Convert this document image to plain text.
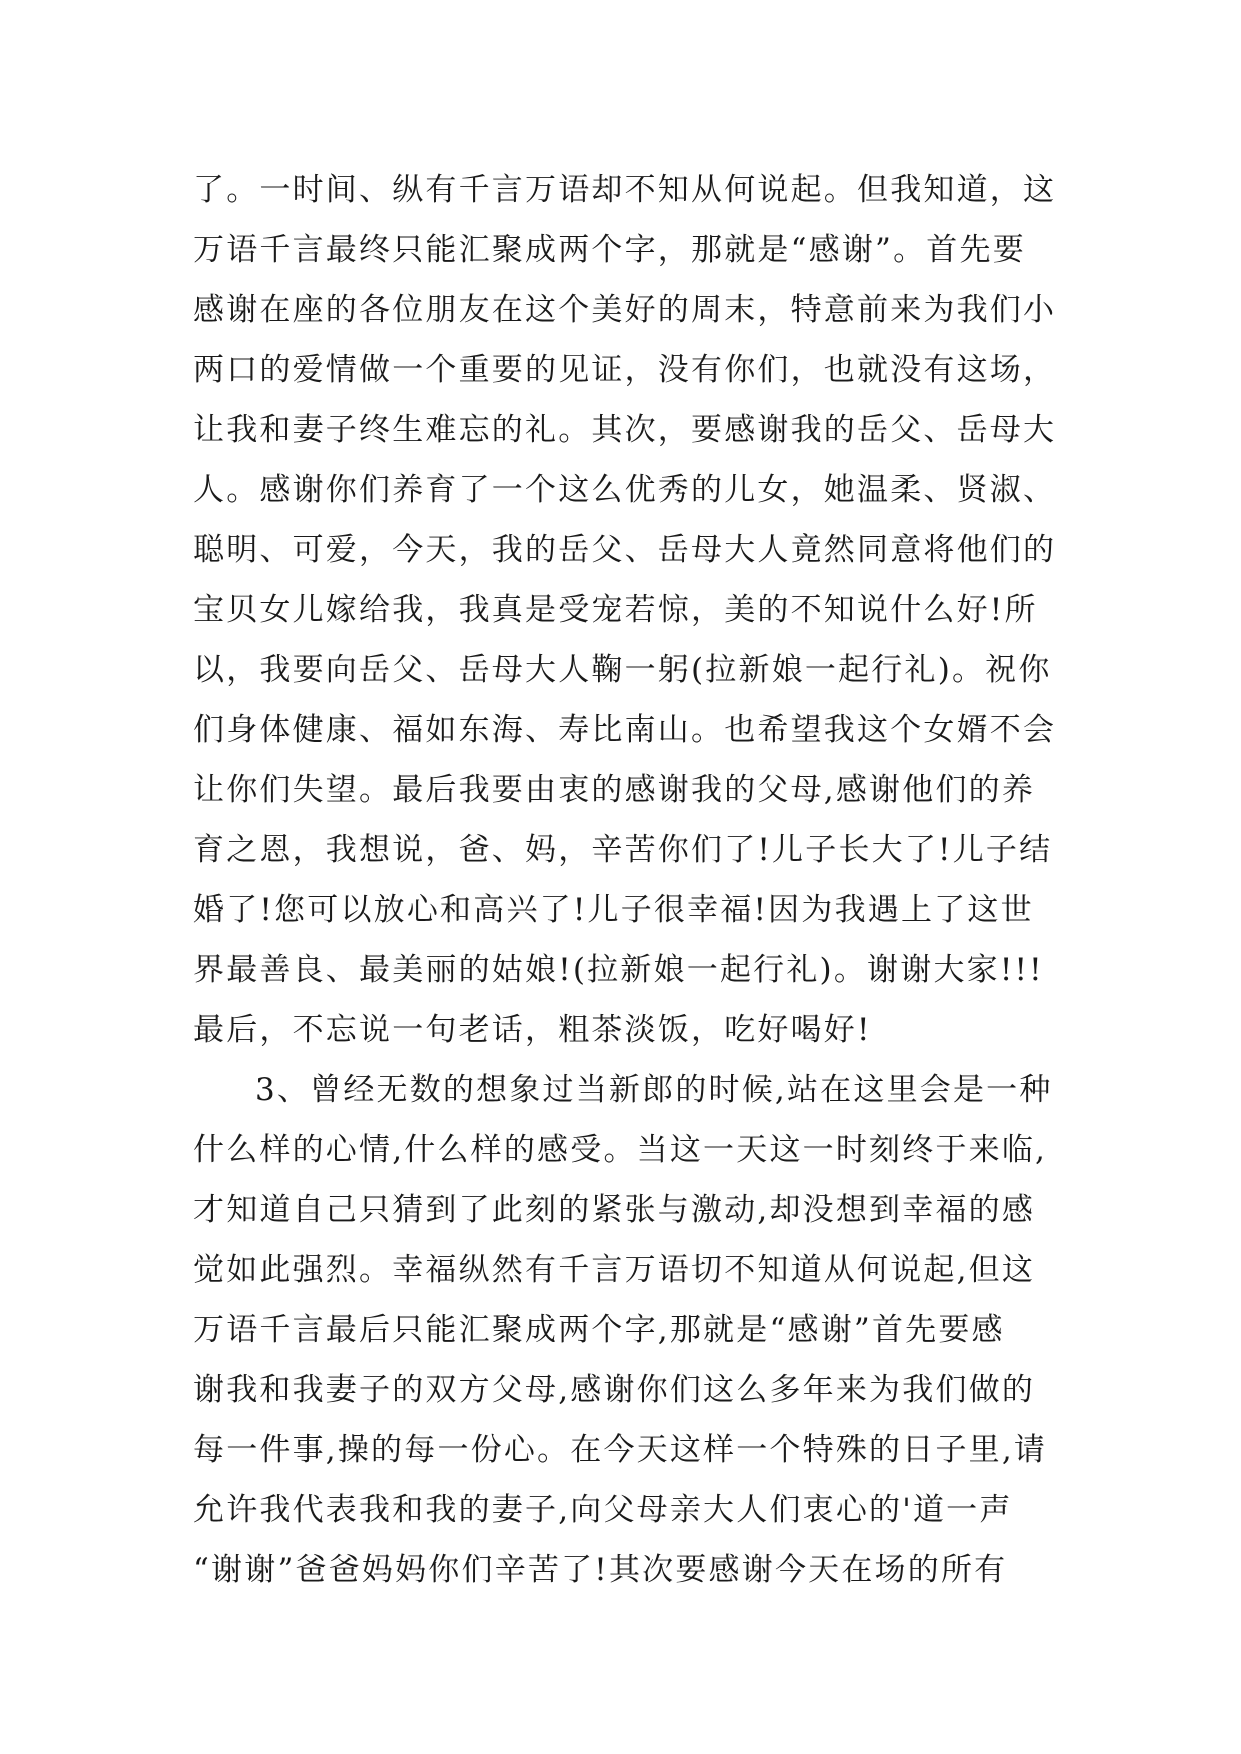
了。一时间、纵有千言万语却不知从何说起。但我知道，这
万语千言最终只能汇聚成两个字，那就是“感谢”。首先要
感谢在座的各位朋友在这个美好的周末，特意前来为我们小
两口的爱情做一个重要的见证，没有你们，也就没有这场，
让我和妻子终生难忘的礼。其次，要感谢我的岳父、岳母大
人。感谢你们养育了一个这么优秀的儿女，她温柔、贤淑、
聪明、可爱，今天，我的岳父、岳母大人竟然同意将他们的
宝贝女儿嫁给我，我真是受宠若惊，美的不知说什么好!所
以，我要向岳父、岳母大人鞠一躬(拉新娘一起行礼)。祝你
们身体健康、福如东海、寿比南山。也希望我这个女婿不会
让你们失望。最后我要由衷的感谢我的父母,感谢他们的养
育之恩，我想说，爸、妈，辛苦你们了!儿子长大了!儿子结
婚了!您可以放心和高兴了!儿子很幸福!因为我遇上了这世
界最善良、最美丽的姑娘!(拉新娘一起行礼)。谢谢大家!!!
最后，不忘说一句老话，粗茶淡饭，吃好喝好!
3、曾经无数的想象过当新郎的时候,站在这里会是一种
什么样的心情,什么样的感受。当这一天这一时刻终于来临,
才知道自己只猜到了此刻的紧张与激动,却没想到幸福的感
觉如此强烈。幸福纵然有千言万语切不知道从何说起,但这
万语千言最后只能汇聚成两个字,那就是“感谢”首先要感
谢我和我妻子的双方父母,感谢你们这么多年来为我们做的
每一件事,操的每一份心。在今天这样一个特殊的日子里,请
允许我代表我和我的妻子,向父母亲大人们衷心的'道一声
“谢谢”爸爸妈妈你们辛苦了!其次要感谢今天在场的所有
